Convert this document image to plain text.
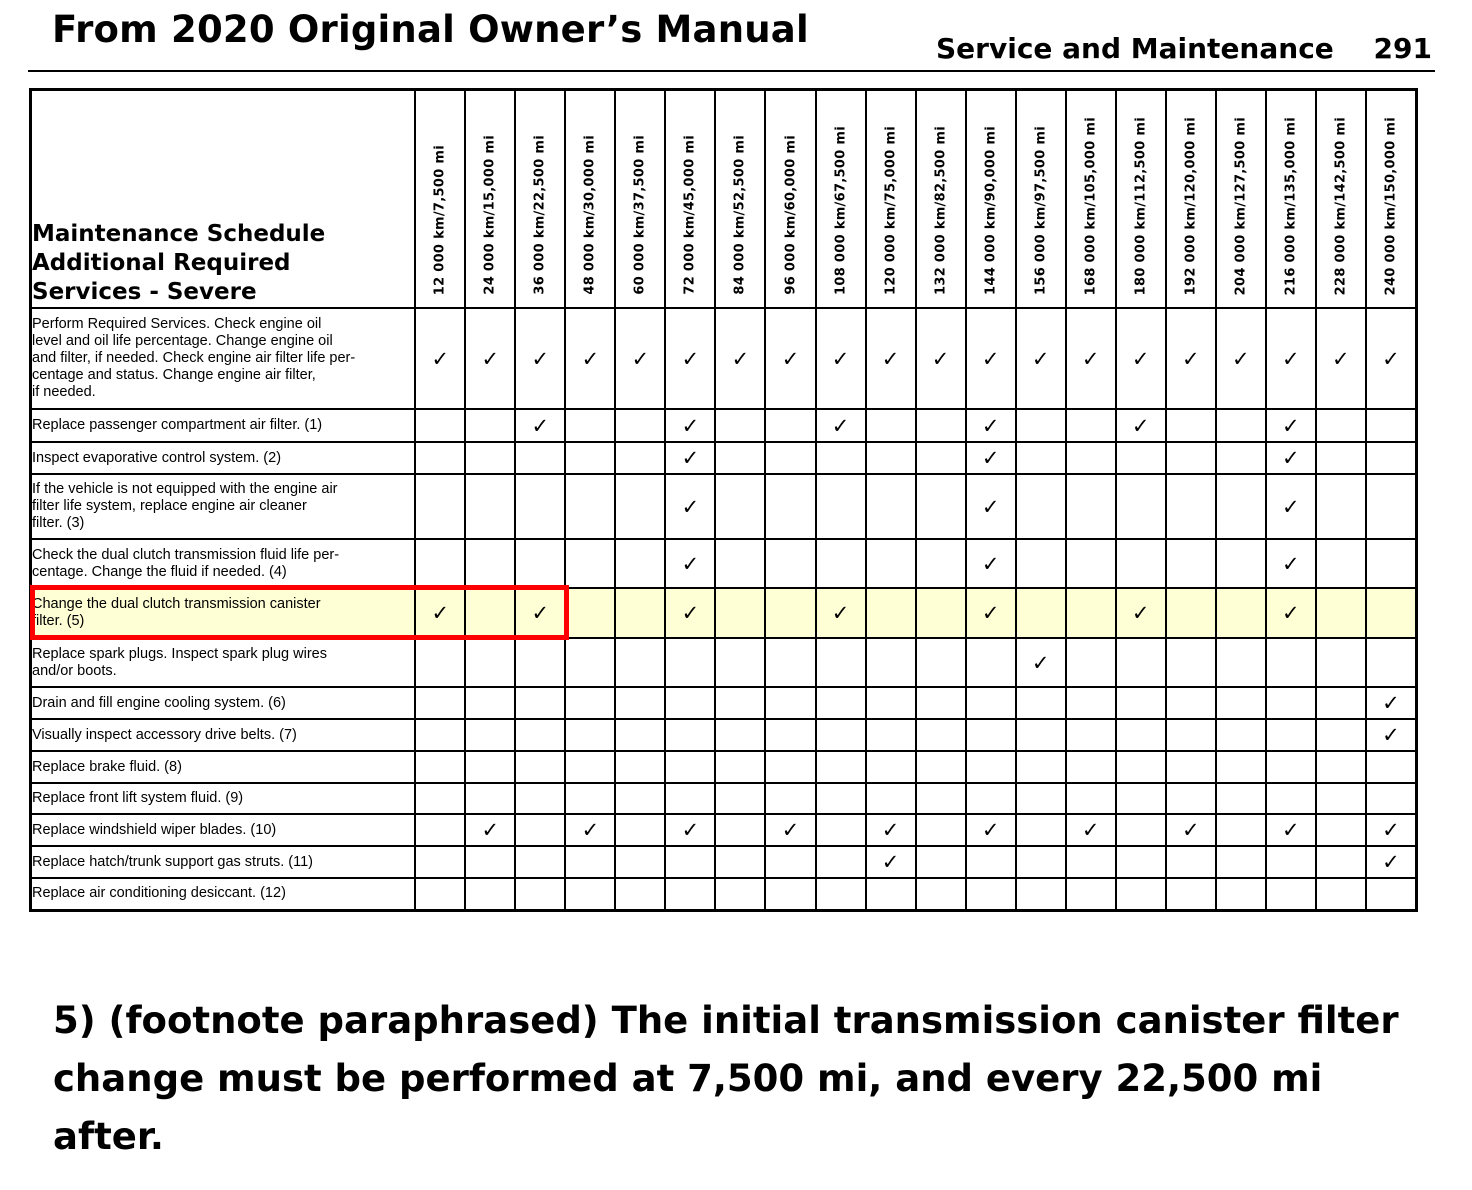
From 2020 Original Owner’s Manual	Service and Maintenance 291
Maintenance Schedule
Additional Required
Services - Severe	12 000 km/7,500 mi	24 000 km/15,000 mi	36 000 km/22,500 mi	48 000 km/30,000 mi	60 000 km/37,500 mi	72 000 km/45,000 mi	84 000 km/52,500 mi	96 000 km/60,000 mi	108 000 km/67,500 mi	120 000 km/75,000 mi	132 000 km/82,500 mi	144 000 km/90,000 mi	156 000 km/97,500 mi	168 000 km/105,000 mi	180 000 km/112,500 mi	192 000 km/120,000 mi	204 000 km/127,500 mi	216 000 km/135,000 mi	228 000 km/142,500 mi	240 000 km/150,000 mi

Perform Required Services. Check engine oil
level and oil life percentage. Change engine oil
and filter, if needed. Check engine air filter life per-
centage and status. Change engine air filter,
if needed.	✓	✓	✓	✓	✓	✓	✓	✓	✓	✓	✓	✓	✓	✓	✓	✓	✓	✓	✓	✓

Replace passenger compartment air filter. (1)			✓			✓			✓			✓			✓			✓		

Inspect evaporative control system. (2)						✓						✓						✓		

If the vehicle is not equipped with the engine air
filter life system, replace engine air cleaner
filter. (3)						✓						✓						✓		

Check the dual clutch transmission fluid life per-
centage. Change the fluid if needed. (4)						✓						✓						✓		

Change the dual clutch transmission canister
filter. (5)	✓		✓			✓			✓			✓			✓			✓		

Replace spark plugs. Inspect spark plug wires
and/or boots.													✓							

Drain and fill engine cooling system. (6)																				✓

Visually inspect accessory drive belts. (7)																				✓

Replace brake fluid. (8)																				

Replace front lift system fluid. (9)																				

Replace windshield wiper blades. (10)		✓		✓		✓		✓		✓		✓		✓		✓		✓		✓

Replace hatch/trunk support gas struts. (11)										✓										✓

Replace air conditioning desiccant. (12)																				

5) (footnote paraphrased) The initial transmission canister filter
change must be performed at 7,500 mi, and every 22,500 mi after.
